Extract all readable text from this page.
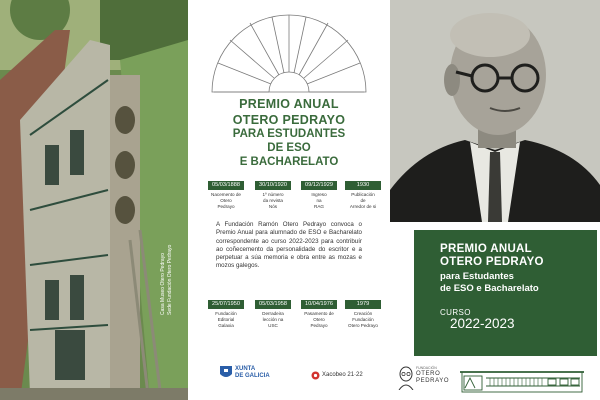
Casa Museo Otero Pedrayo Sede Fundación Otero Pedrayo
PREMIO ANUAL
OTERO PEDRAYO
PARA ESTUDANTES
DE ESO
E BACHARELATO
05/03/1888
Nacemento de
Otero
Pedrayo
30/10/1920
1º número
da revista
Nós
09/12/1929
Ingreso
na
RAG
1930
Publicación
de
Arredor de si
A Fundación Ramón Otero Pedrayo convoca o Premio Anual para alumnado de ESO e Bacharelato correspondente ao curso 2022-2023 para contribuír ao coñecemento da personalidade do escritor e a perpetuar a súa memoria e obra entre as mozas e mozos galegos.
25/07/1950
Fundación
Editorial
Galaxia
05/03/1958
Derradeira
lección na
USC
10/04/1976
Pasamento de
Otero
Pedrayo
1979
Creación
Fundación
Otero Pedrayo
XUNTA
DE GALICIA	Xacobeo 21·22
PREMIO ANUAL
OTERO PEDRAYO
para Estudantes
de ESO e Bacharelato
CURSO
2022-2023
FUNDACIÓN
OTERO
PEDRAYO
